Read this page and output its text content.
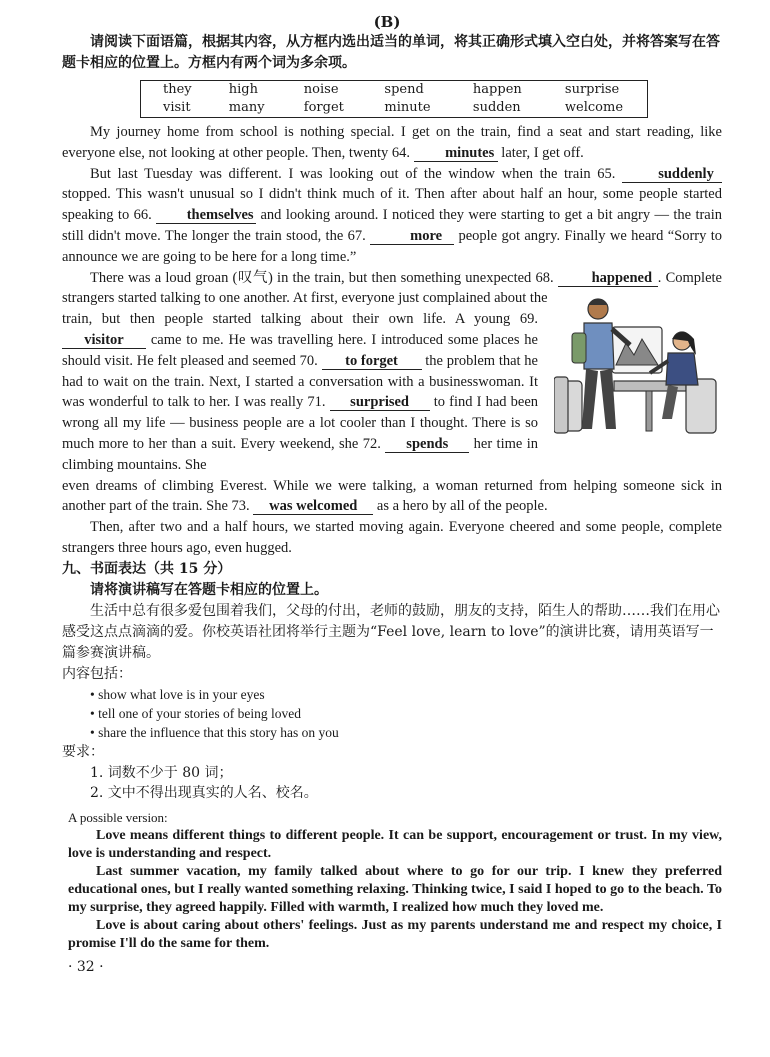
(B)

请阅读下面语篇，根据其内容，从方框内选出适当的单词，将其正确形式填入空白处，并将答案写在答题卡相应的位置上。方框内有两个词为多余项。

they	high	noise	spend	happen	surprise
visit	many	forget	minute	sudden	welcome

My journey home from school is nothing special. I get on the train, find a seat and start reading, like everyone else, not looking at other people. Then, twenty 64. minutes later, I get off.

But last Tuesday was different. I was looking out of the window when the train 65.	suddenly stopped. This wasn't unusual so I didn't think much of it. Then after about half an hour, some people started speaking to 66. themselves and looking around. I noticed they were starting to get a bit angry — the train still didn't move. The longer the train stood, the 67.	more people got angry. Finally we heard “Sorry to announce we are going to be here for a long time.”

There was a loud groan (叹气) in the train, but then something unexpected 68.	happened . Complete strangers started talking to one another. At first, everyone just complained about the

train, but then people started talking about their own life. A young 69. visitor came to me. He was travelling here. I introduced some places he should visit. He felt pleased and seemed 70. to forget the problem that he had to wait on the train. Next, I started a conversation with a businesswoman. It was wonderful to talk to her. I was really 71. surprised to find I had been wrong all my life — business people are a lot cooler than I thought. There is so much more to her than a suit. Every weekend, she 72. spends her time in climbing mountains. She

even dreams of climbing Everest. While we were talking, a woman returned from helping someone sick in another part of the train. She 73. was welcomed as a hero by all of the people.

Then, after two and a half hours, we started moving again. Everyone cheered and some people, complete strangers three hours ago, even hugged.

九、书面表达（共 15 分）

请将演讲稿写在答题卡相应的位置上。

生活中总有很多爱包围着我们，父母的付出，老师的鼓励，朋友的支持，陌生人的帮助……我们在用心感受这点点滴滴的爱。你校英语社团将举行主题为“Feel love, learn to love”的演讲比赛，请用英语写一篇参赛演讲稿。

内容包括：

• show what love is in your eyes
• tell one of your stories of being loved
• share the influence that this story has on you

要求：

1. 词数不少于 80 词；
2. 文中不得出现真实的人名、校名。

A possible version:

Love means different things to different people. It can be support, encouragement or trust. In my view, love is understanding and respect.

Last summer vacation, my family talked about where to go for our trip. I knew they preferred educational ones, but I really wanted something relaxing. Thinking twice, I said I hoped to go to the beach. To my surprise, they agreed happily. Filled with warmth, I realized how much they loved me.

Love is about caring about others' feelings. Just as my parents understand me and respect my choice, I promise I'll do the same for them.

· 32 ·
